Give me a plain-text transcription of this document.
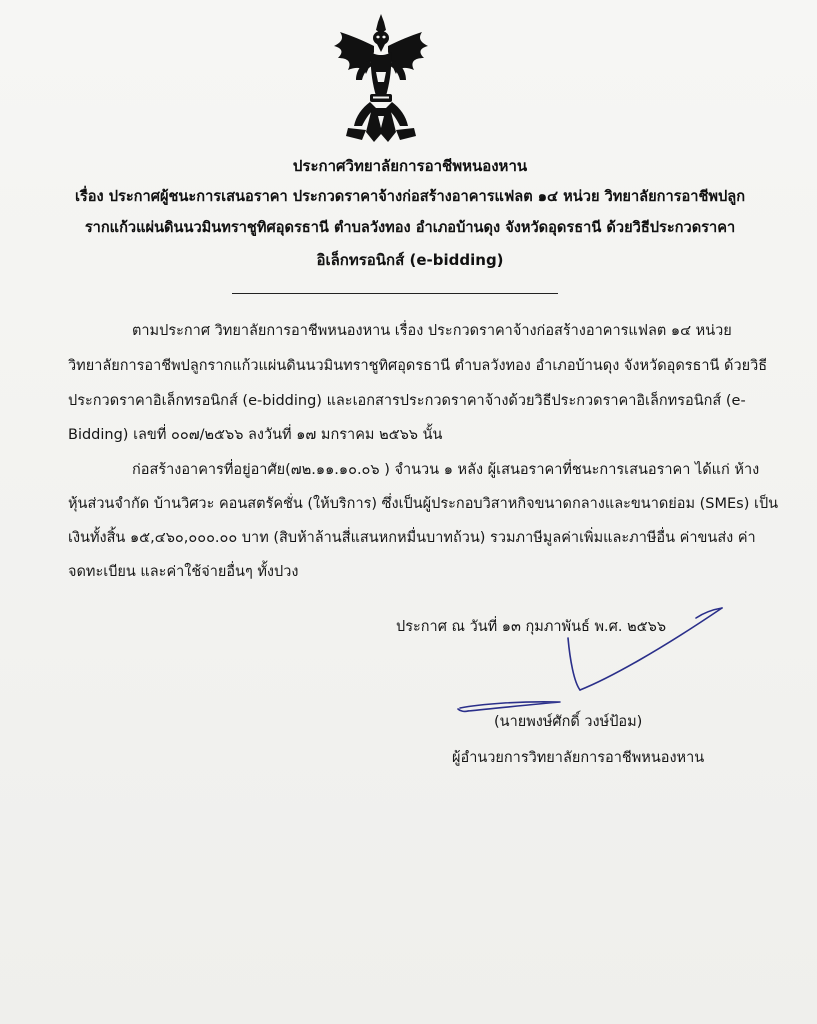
ประกาศวิทยาลัยการอาชีพหนองหาน
เรื่อง ประกาศผู้ชนะการเสนอราคา ประกวดราคาจ้างก่อสร้างอาคารแฟลต ๑๔ หน่วย วิทยาลัยการอาชีพปลูก
รากแก้วแผ่นดินนวมินทราชูทิศอุดรธานี ตำบลวังทอง อำเภอบ้านดุง จังหวัดอุดรธานี ด้วยวิธีประกวดราคา
อิเล็กทรอนิกส์ (e-bidding)
ตามประกาศ วิทยาลัยการอาชีพหนองหาน เรื่อง ประกวดราคาจ้างก่อสร้างอาคารแฟลต ๑๔ หน่วย
วิทยาลัยการอาชีพปลูกรากแก้วแผ่นดินนวมินทราชูทิศอุดรธานี ตำบลวังทอง อำเภอบ้านดุง จังหวัดอุดรธานี ด้วยวิธี
ประกวดราคาอิเล็กทรอนิกส์ (e-bidding) และเอกสารประกวดราคาจ้างด้วยวิธีประกวดราคาอิเล็กทรอนิกส์ (e-
Bidding) เลขที่ ๐๐๗/๒๕๖๖ ลงวันที่ ๑๗ มกราคม ๒๕๖๖ นั้น
ก่อสร้างอาคารที่อยู่อาศัย(๗๒.๑๑.๑๐.๐๖ ) จำนวน ๑ หลัง ผู้เสนอราคาที่ชนะการเสนอราคา ได้แก่ ห้าง
หุ้นส่วนจำกัด บ้านวิศวะ คอนสตรัคชั่น (ให้บริการ) ซึ่งเป็นผู้ประกอบวิสาหกิจขนาดกลางและขนาดย่อม (SMEs) เป็น
เงินทั้งสิ้น ๑๕,๔๖๐,๐๐๐.๐๐ บาท (สิบห้าล้านสี่แสนหกหมื่นบาทถ้วน) รวมภาษีมูลค่าเพิ่มและภาษีอื่น ค่าขนส่ง ค่า
จดทะเบียน และค่าใช้จ่ายอื่นๆ ทั้งปวง
ประกาศ ณ วันที่ ๑๓ กุมภาพันธ์ พ.ศ. ๒๕๖๖
(นายพงษ์ศักดิ์ วงษ์ป้อม)
ผู้อำนวยการวิทยาลัยการอาชีพหนองหาน
